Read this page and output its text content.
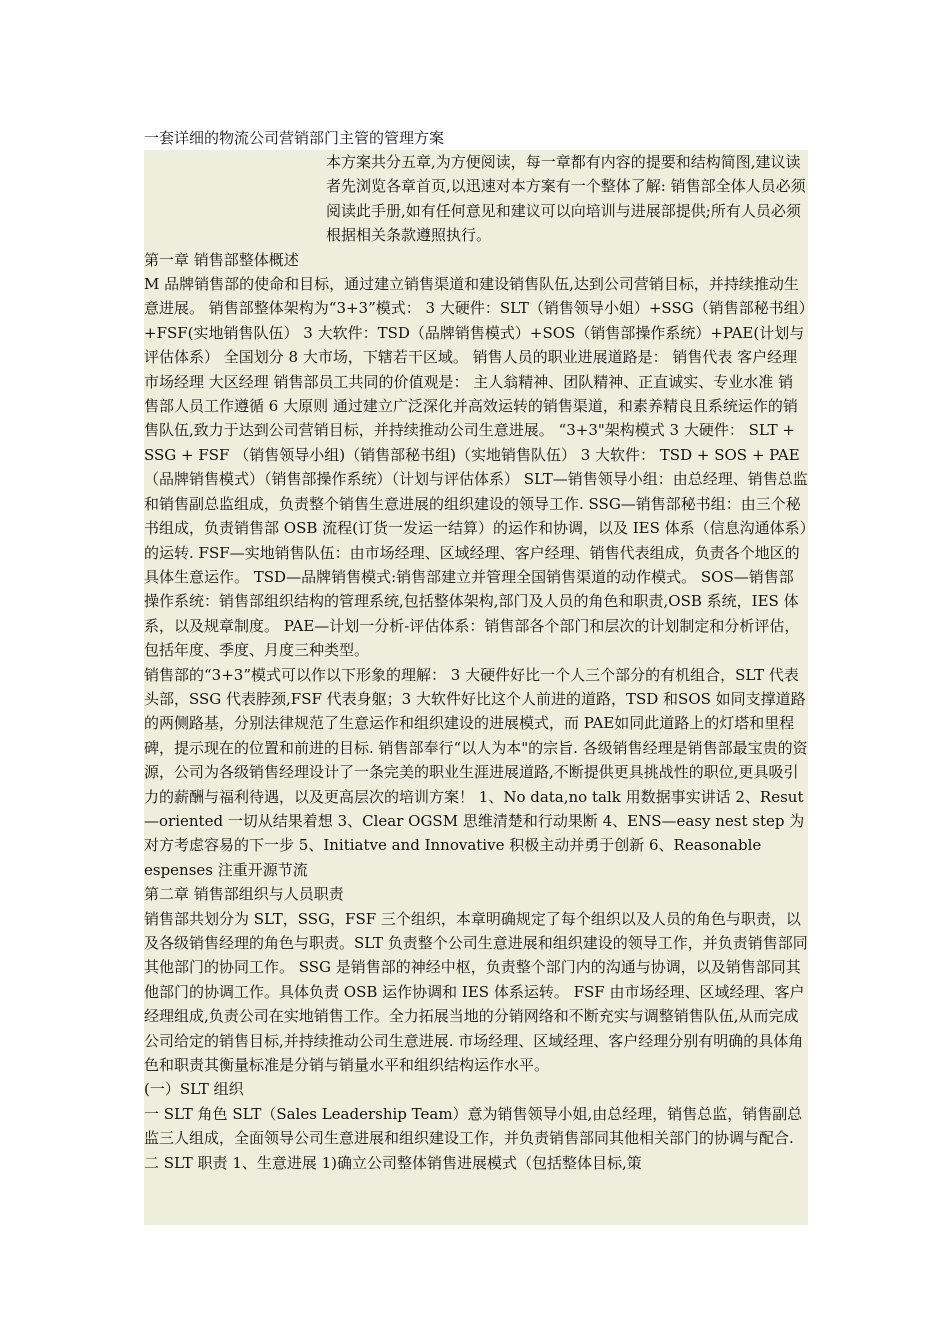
一套详细的物流公司营销部门主管的管理方案

本方案共分五章,为方便阅读，每一章都有内容的提要和结构简图,建议读者先浏览各章首页,以迅速对本方案有一个整体了解: 销售部全体人员必须阅读此手册,如有任何意见和建议可以向培训与进展部提供;所有人员必须根据相关条款遵照执行。

第一章 销售部整体概述

M 品牌销售部的使命和目标，通过建立销售渠道和建设销售队伍,达到公司营销目标，并持续推动生意进展。 销售部整体架构为“3+3”模式： 3 大硬件：SLT（销售领导小姐）+SSG（销售部秘书组）+FSF(实地销售队伍） 3 大软件：TSD（品牌销售模式）+SOS（销售部操作系统）+PAE(计划与评估体系） 全国划分 8 大市场，下辖若干区域。 销售人员的职业进展道路是： 销售代表 客户经理 市场经理 大区经理 销售部员工共同的价值观是： 主人翁精神、团队精神、正直诚实、专业水准 销售部人员工作遵循 6 大原则 通过建立广泛深化并高效运转的销售渠道，和素养精良且系统运作的销售队伍,致力于达到公司营销目标，并持续推动公司生意进展。 “3+3"架构模式 3 大硬件： SLT + SSG + FSF （销售领导小组)（销售部秘书组)（实地销售队伍） 3 大软件： TSD + SOS + PAE （品牌销售模式）（销售部操作系统）（计划与评估体系） SLT—销售领导小组：由总经理、销售总监和销售副总监组成，负责整个销售生意进展的组织建设的领导工作. SSG—销售部秘书组：由三个秘书组成，负责销售部 OSB 流程(订货一发运一结算）的运作和协调，以及 IES 体系（信息沟通体系）的运转. FSF—实地销售队伍：由市场经理、区域经理、客户经理、销售代表组成，负责各个地区的具体生意运作。 TSD—品牌销售模式:销售部建立并管理全国销售渠道的动作模式。 SOS—销售部操作系统：销售部组织结构的管理系统,包括整体架构,部门及人员的角色和职责,OSB 系统，IES 体系，以及规章制度。 PAE—计划一分析-评估体系：销售部各个部门和层次的计划制定和分析评估，包括年度、季度、月度三种类型。

销售部的“3+3”模式可以作以下形象的理解： 3 大硬件好比一个人三个部分的有机组合，SLT 代表头部，SSG 代表脖颈,FSF 代表身躯；3 大软件好比这个人前进的道路，TSD 和SOS 如同支撑道路的两侧路基，分别法律规范了生意运作和组织建设的进展模式，而 PAE如同此道路上的灯塔和里程碑，提示现在的位置和前进的目标. 销售部奉行“以人为本"的宗旨. 各级销售经理是销售部最宝贵的资源，公司为各级销售经理设计了一条完美的职业生涯进展道路,不断提供更具挑战性的职位,更具吸引力的薪酬与福利待遇，以及更高层次的培训方案！ 1、No data,no talk 用数据事实讲话 2、Resut—oriented 一切从结果着想 3、Clear OGSM 思维清楚和行动果断 4、ENS—easy nest step 为对方考虑容易的下一步 5、Initiatve and Innovative 积极主动并勇于创新 6、Reasonable espenses 注重开源节流

第二章 销售部组织与人员职责

销售部共划分为 SLT，SSG，FSF 三个组织，本章明确规定了每个组织以及人员的角色与职责，以及各级销售经理的角色与职责。SLT 负责整个公司生意进展和组织建设的领导工作，并负责销售部同其他部门的协同工作。 SSG 是销售部的神经中枢，负责整个部门内的沟通与协调，以及销售部同其他部门的协调工作。具体负责 OSB 运作协调和 IES 体系运转。 FSF 由市场经理、区域经理、客户经理组成,负责公司在实地销售工作。全力拓展当地的分销网络和不断充实与调整销售队伍,从而完成公司给定的销售目标,并持续推动公司生意进展. 市场经理、区域经理、客户经理分别有明确的具体角色和职责其衡量标准是分销与销量水平和组织结构运作水平。

(一）SLT 组织

一 SLT 角色 SLT（Sales Leadership Team）意为销售领导小姐,由总经理，销售总监，销售副总监三人组成，全面领导公司生意进展和组织建设工作，并负责销售部同其他相关部门的协调与配合. 二 SLT 职责 1、生意进展 1)确立公司整体销售进展模式（包括整体目标,策
